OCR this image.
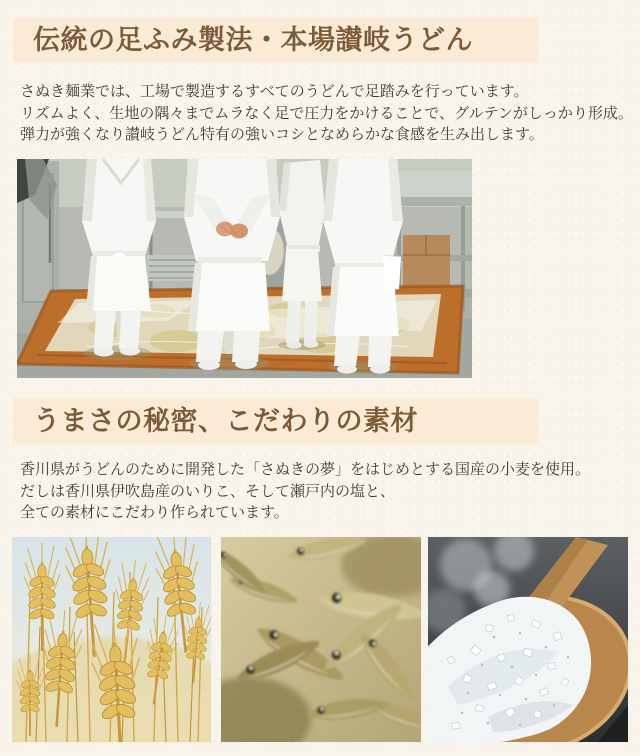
伝統の足ふみ製法・本場讃岐うどん
さぬき麺業では、工場で製造するすべてのうどんで足踏みを行っています。
リズムよく、生地の隅々までムラなく足で圧力をかけることで、グルテンがしっかり形成。
弾力が強くなり讃岐うどん特有の強いコシとなめらかな食感を生み出します。
うまさの秘密、こだわりの素材
香川県がうどんのために開発した「さぬきの夢」をはじめとする国産の小麦を使用。
だしは香川県伊吹島産のいりこ、そして瀬戸内の塩と、
全ての素材にこだわり作られています。
